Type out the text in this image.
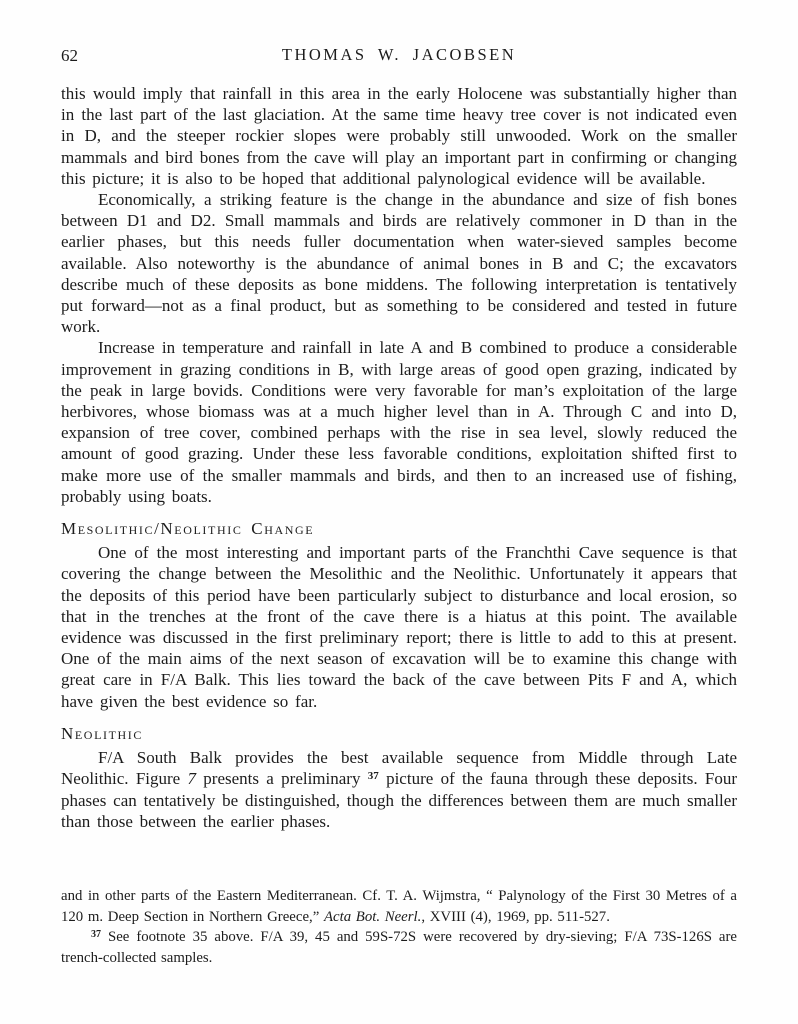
62	THOMAS W. JACOBSEN

this would imply that rainfall in this area in the early Holocene was substantially higher than in the last part of the last glaciation. At the same time heavy tree cover is not indicated even in D, and the steeper rockier slopes were probably still unwooded. Work on the smaller mammals and bird bones from the cave will play an important part in confirming or changing this picture; it is also to be hoped that additional palynological evidence will be available.

Economically, a striking feature is the change in the abundance and size of fish bones between D1 and D2. Small mammals and birds are relatively commoner in D than in the earlier phases, but this needs fuller documentation when water-sieved samples become available. Also noteworthy is the abundance of animal bones in B and C; the excavators describe much of these deposits as bone middens. The following interpretation is tentatively put forward—not as a final product, but as something to be considered and tested in future work.

Increase in temperature and rainfall in late A and B combined to produce a considerable improvement in grazing conditions in B, with large areas of good open grazing, indicated by the peak in large bovids. Conditions were very favorable for man’s exploitation of the large herbivores, whose biomass was at a much higher level than in A. Through C and into D, expansion of tree cover, combined perhaps with the rise in sea level, slowly reduced the amount of good grazing. Under these less favorable conditions, exploitation shifted first to make more use of the smaller mammals and birds, and then to an increased use of fishing, probably using boats.

Mesolithic/Neolithic Change

One of the most interesting and important parts of the Franchthi Cave sequence is that covering the change between the Mesolithic and the Neolithic. Unfortunately it appears that the deposits of this period have been particularly subject to disturbance and local erosion, so that in the trenches at the front of the cave there is a hiatus at this point. The available evidence was discussed in the first preliminary report; there is little to add to this at present. One of the main aims of the next season of excavation will be to examine this change with great care in F/A Balk. This lies toward the back of the cave between Pits F and A, which have given the best evidence so far.

Neolithic

F/A South Balk provides the best available sequence from Middle through Late Neolithic. Figure 7 presents a preliminary $^{37}$ picture of the fauna through these deposits. Four phases can tentatively be distinguished, though the differences between them are much smaller than those between the earlier phases.

and in other parts of the Eastern Mediterranean. Cf. T. A. Wijmstra, “ Palynology of the First 30 Metres of a 120 m. Deep Section in Northern Greece,” Acta Bot. Neerl., XVIII (4), 1969, pp. 511-527.

$^{37}$ See footnote 35 above. F/A 39, 45 and 59S-72S were recovered by dry-sieving; F/A 73S-126S are trench-collected samples.
